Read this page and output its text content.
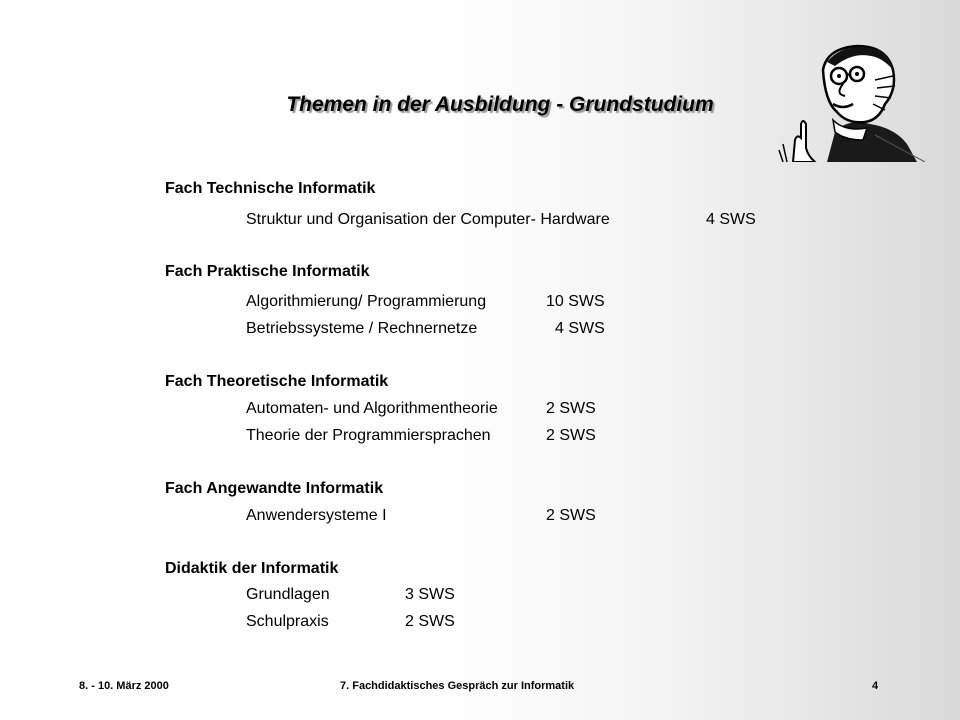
Themen in der Ausbildung - Grundstudium
Fach Technische Informatik
Struktur und Organisation der Computer- Hardware	4 SWS
Fach Praktische Informatik
Algorithmierung/ Programmierung	10 SWS
Betriebssysteme / Rechnernetze	4 SWS
Fach Theoretische Informatik
Automaten- und Algorithmentheorie	2 SWS
Theorie der Programmiersprachen	2 SWS
Fach Angewandte Informatik
Anwendersysteme I	2 SWS
Didaktik der Informatik
Grundlagen	3 SWS
Schulpraxis	2 SWS
8. - 10. März 2000	7. Fachdidaktisches Gespräch zur Informatik	4
